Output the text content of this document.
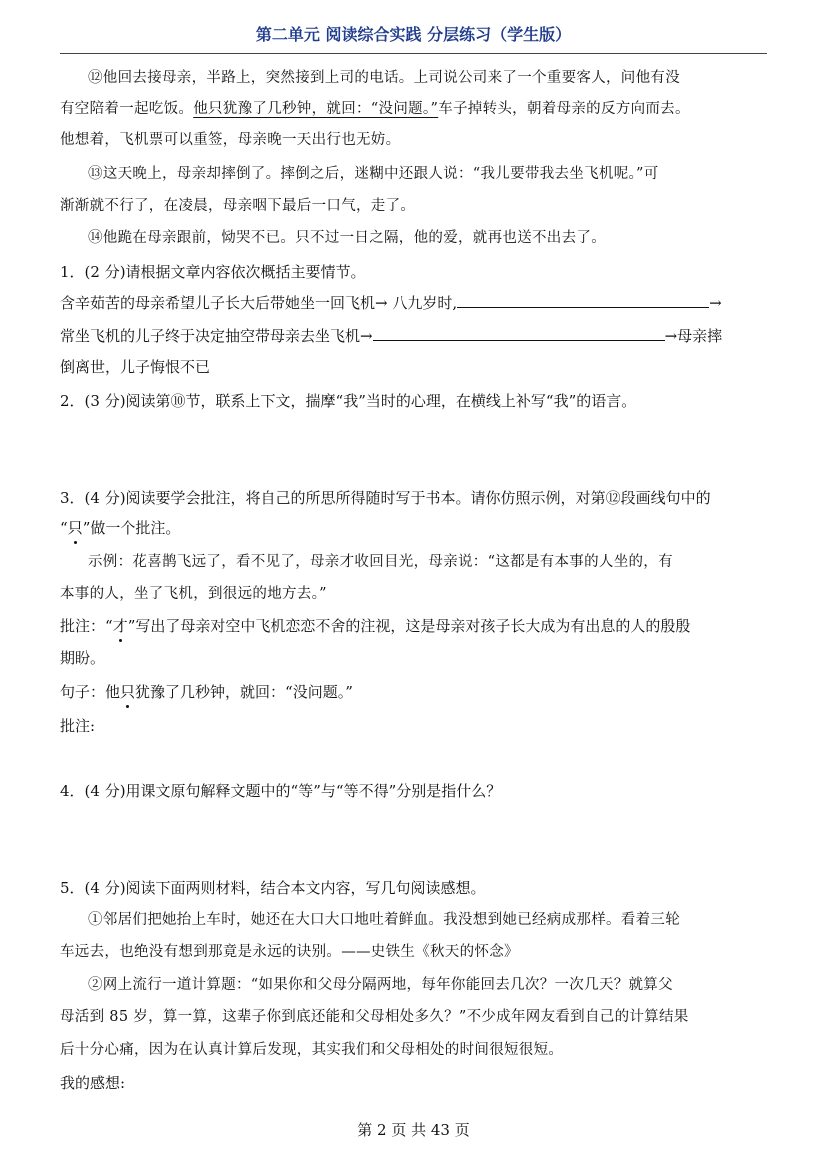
第二单元 阅读综合实践 分层练习（学生版）
⑫他回去接母亲，半路上，突然接到上司的电话。上司说公司来了一个重要客人，问他有没
有空陪着一起吃饭。他只犹豫了几秒钟，就回：“没问题。”车子掉转头，朝着母亲的反方向而去。
他想着，飞机票可以重签，母亲晚一天出行也无妨。
⑬这天晚上，母亲却摔倒了。摔倒之后，迷糊中还跟人说：“我儿要带我去坐飞机呢。”可
渐渐就不行了，在凌晨，母亲咽下最后一口气，走了。
⑭他跪在母亲跟前，恸哭不已。只不过一日之隔，他的爱，就再也送不出去了。
1．(2 分)请根据文章内容依次概括主要情节。
含辛茹苦的母亲希望儿子长大后带她坐一回飞机→ 八九岁时,	→
常坐飞机的儿子终于决定抽空带母亲去坐飞机→	→母亲摔
倒离世，儿子悔恨不已
2．(3 分)阅读第⑩节，联系上下文，揣摩“我”当时的心理，在横线上补写“我”的语言。
3．(4 分)阅读要学会批注，将自己的所思所得随时写于书本。请你仿照示例，对第⑫段画线句中的
“只”做一个批注。
示例：花喜鹊飞远了，看不见了，母亲才收回目光，母亲说：“这都是有本事的人坐的，有
本事的人，坐了飞机，到很远的地方去。”
批注：“才”写出了母亲对空中飞机恋恋不舍的注视，这是母亲对孩子长大成为有出息的人的殷殷
期盼。
句子：他只犹豫了几秒钟，就回：“没问题。”
批注:
4．(4 分)用课文原句解释文题中的“等”与“等不得”分别是指什么？
5．(4 分)阅读下面两则材料，结合本文内容，写几句阅读感想。
①邻居们把她抬上车时，她还在大口大口地吐着鲜血。我没想到她已经病成那样。看着三轮
车远去，也绝没有想到那竟是永远的诀别。——史铁生《秋天的怀念》
②网上流行一道计算题：“如果你和父母分隔两地，每年你能回去几次？一次几天？就算父
母活到 85 岁，算一算，这辈子你到底还能和父母相处多久？”不少成年网友看到自己的计算结果
后十分心痛，因为在认真计算后发现，其实我们和父母相处的时间很短很短。
我的感想:
第 2 页 共 43 页
